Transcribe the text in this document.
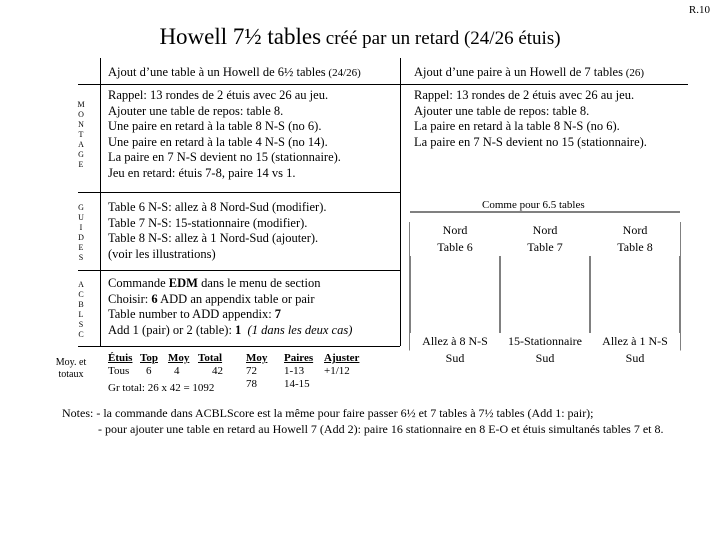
R.10
Howell 7½ tables créé par un retard (24/26 étuis)
Ajout d’une table à un Howell de 6½ tables (24/26)	Ajout d’une paire à un Howell de 7 tables (26)
M
O
N
T
A
G
E
G
U
I
D
E
S
A
C
B
L
S
C
Moy. et
totaux
Rappel: 13 rondes de 2 étuis avec 26 au jeu.
Ajouter une table de repos: table 8.
Une paire en retard à la table 8 N-S (no 6).
Une paire en retard à la table 4 N-S (no 14).
La paire en 7 N-S devient no 15 (stationnaire).
Jeu en retard: étuis 7-8, paire 14 vs 1.
Rappel: 13 rondes de 2 étuis avec 26 au jeu.
Ajouter une table de repos: table 8.
La paire en retard à la table 8 N-S (no 6).
La paire en 7 N-S devient no 15 (stationnaire).
Table 6 N-S: allez à 8 Nord-Sud (modifier).
Table 7 N-S: 15-stationnaire (modifier).
Table 8 N-S: allez à 1 Nord-Sud (ajouter).
(voir les illustrations)
Commande EDM dans le menu de section
Choisir: 6 ADD an appendix table or pair
Table number to ADD appendix: 7
Add 1 (pair) or 2 (table): 1 (1 dans les deux cas)
Étuis Top Moy Total
Tous 6 4	42
Gr total: 26 x 42 = 1092
Moy Paires Ajuster
72 1-13 +1/12
78 14-15
Comme pour 6.5 tables
Nord
Table 6
Nord
Table 7
Nord
Table 8
Allez à 8 N-S
Sud
15-Stationnaire
Sud
Allez à 1 N-S
Sud
Notes: - la commande dans ACBLScore est la même pour faire passer 6½ et 7 tables à 7½ tables (Add 1: pair);
- pour ajouter une table en retard au Howell 7 (Add 2): paire 16 stationnaire en 8 E-O et étuis simultanés tables 7 et 8.
